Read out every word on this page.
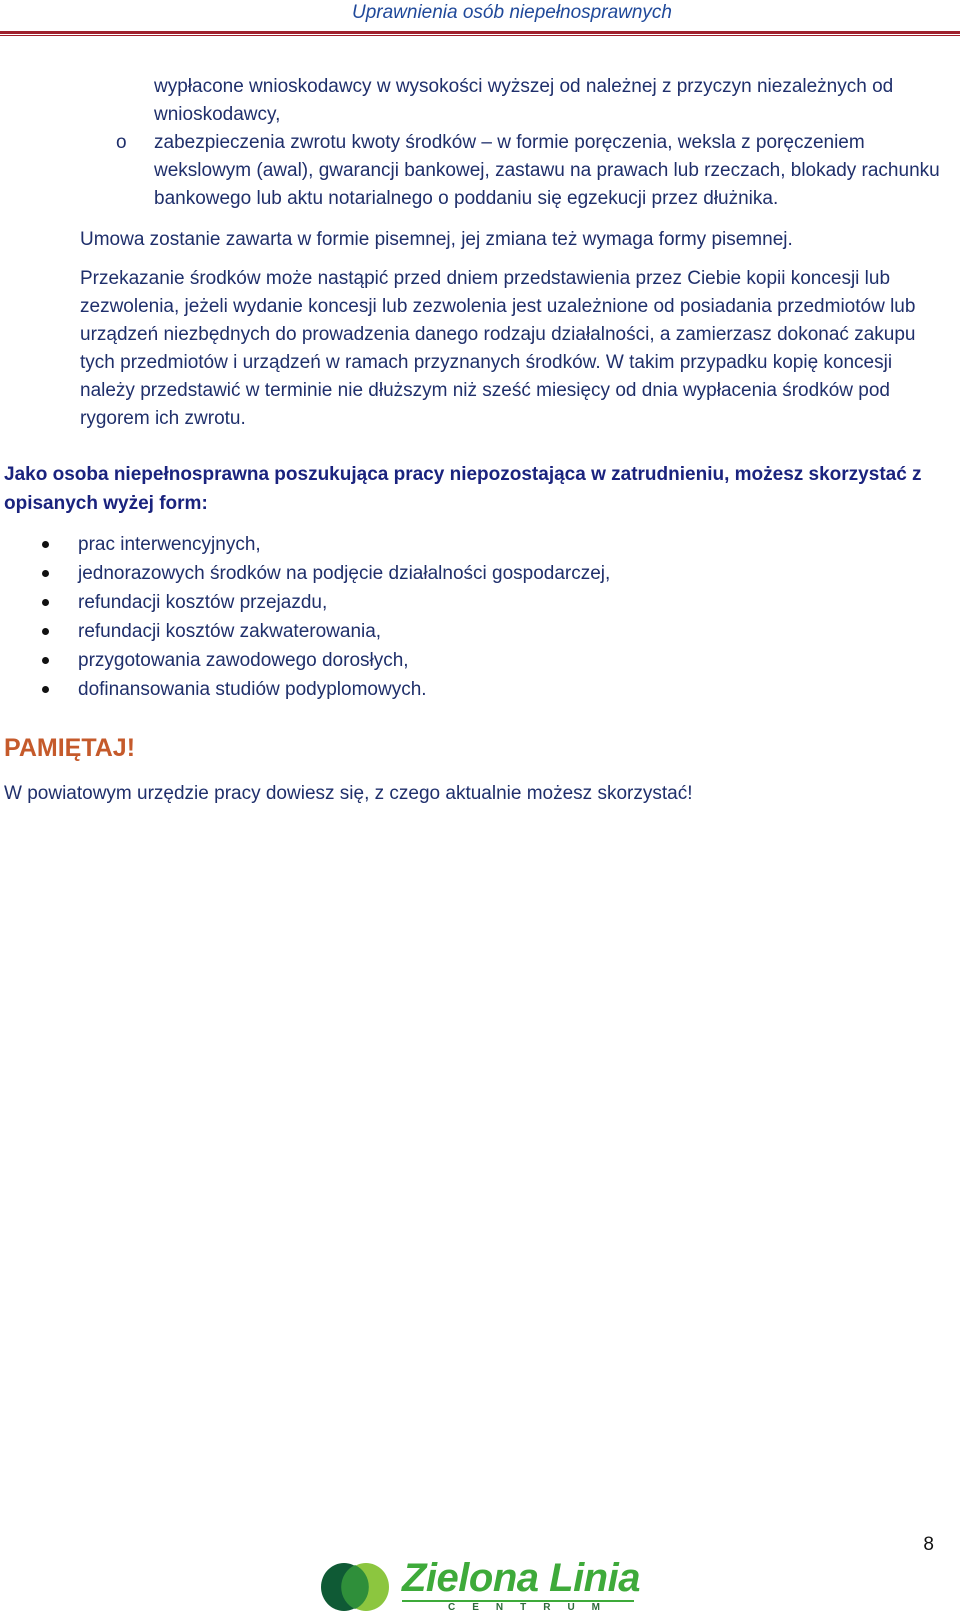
Uprawnienia osób niepełnosprawnych
wypłacone wnioskodawcy w wysokości wyższej od należnej z przyczyn niezależnych od wnioskodawcy,
o zabezpieczenia zwrotu kwoty środków – w formie poręczenia, weksla z poręczeniem wekslowym (awal), gwarancji bankowej, zastawu na prawach lub rzeczach, blokady rachunku bankowego lub aktu notarialnego o poddaniu się egzekucji przez dłużnika.
Umowa zostanie zawarta w formie pisemnej, jej zmiana też wymaga formy pisemnej.
Przekazanie środków może nastąpić przed dniem przedstawienia przez Ciebie kopii koncesji lub zezwolenia, jeżeli wydanie koncesji lub zezwolenia jest uzależnione od posiadania przedmiotów lub urządzeń niezbędnych do prowadzenia danego rodzaju działalności, a zamierzasz dokonać zakupu tych przedmiotów i urządzeń w ramach przyznanych środków. W takim przypadku kopię koncesji należy przedstawić w terminie nie dłuższym niż sześć miesięcy od dnia wypłacenia środków pod rygorem ich zwrotu.
Jako osoba niepełnosprawna poszukująca pracy niepozostająca w zatrudnieniu, możesz skorzystać z opisanych wyżej form:
prac interwencyjnych,
jednorazowych środków na podjęcie działalności gospodarczej,
refundacji kosztów przejazdu,
refundacji kosztów zakwaterowania,
przygotowania zawodowego dorosłych,
dofinansowania studiów podyplomowych.
PAMIĘTAJ!
W powiatowym urzędzie pracy dowiesz się, z czego aktualnie możesz skorzystać!
8
Zielona Linia
CENTRUM
